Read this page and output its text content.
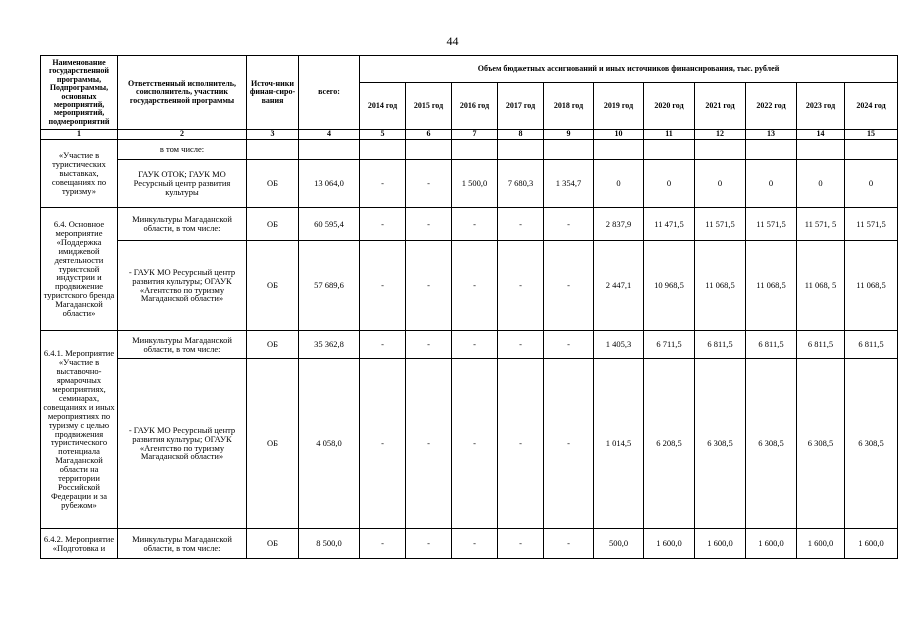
44
Наименование государственной программы, Подпрограммы, основных мероприятий, мероприятий, подмероприятий	Ответственный исполнитель, соисполнитель, участник государственной программы	Источ-ники финан-сиро-вания	всего:	Объем бюджетных ассигнований и иных источников финансирования, тыс. рублей										
				2014 год	2015 год	2016 год	2017 год	2018 год	2019 год	2020 год	2021 год	2022 год	2023 год	2024 год
1	2	3	4	5	6	7	8	9	10	11	12	13	14	15
«Участие в туристических выставках, совещаниях по туризму»	в том числе:													
	ГАУК ОТОК; ГАУК МО Ресурсный центр развития культуры	ОБ	13 064,0	-	-	1 500,0	7 680,3	1 354,7	0	0	0	0	0	0
6.4. Основное мероприятие «Поддержка имиджевой деятельности туристской индустрии и продвижение туристского бренда Магаданской области»	Минкультуры Магаданской области, в том числе:	ОБ	60 595,4	-	-	-	-	-	2 837,9	11 471,5	11 571,5	11 571,5	11 571, 5	11 571,5
	- ГАУК МО Ресурсный центр развития культуры; ОГАУК «Агентство по туризму Магаданской области»	ОБ	57 689,6	-	-	-	-	-	2 447,1	10 968,5	11 068,5	11 068,5	11 068, 5	11 068,5
6.4.1. Мероприятие «Участие в выставочно-ярмарочных мероприятиях, семинарах, совещаниях и иных мероприятиях по туризму с целью продвижения туристического потенциала Магаданской области на территории Российской Федерации и за рубежом»	Минкультуры Магаданской области, в том числе:	ОБ	35 362,8	-	-	-	-	-	1 405,3	6 711,5	6 811,5	6 811,5	6 811,5	6 811,5
	- ГАУК МО Ресурсный центр развития культуры; ОГАУК «Агентство по туризму Магаданской области»	ОБ	4 058,0	-	-	-	-	-	1 014,5	6 208,5	6 308,5	6 308,5	6 308,5	6 308,5
6.4.2. Мероприятие «Подготовка и	Минкультуры Магаданской области, в том числе:	ОБ	8 500,0	-	-	-	-	-	500,0	1 600,0	1 600,0	1 600,0	1 600,0	1 600,0
